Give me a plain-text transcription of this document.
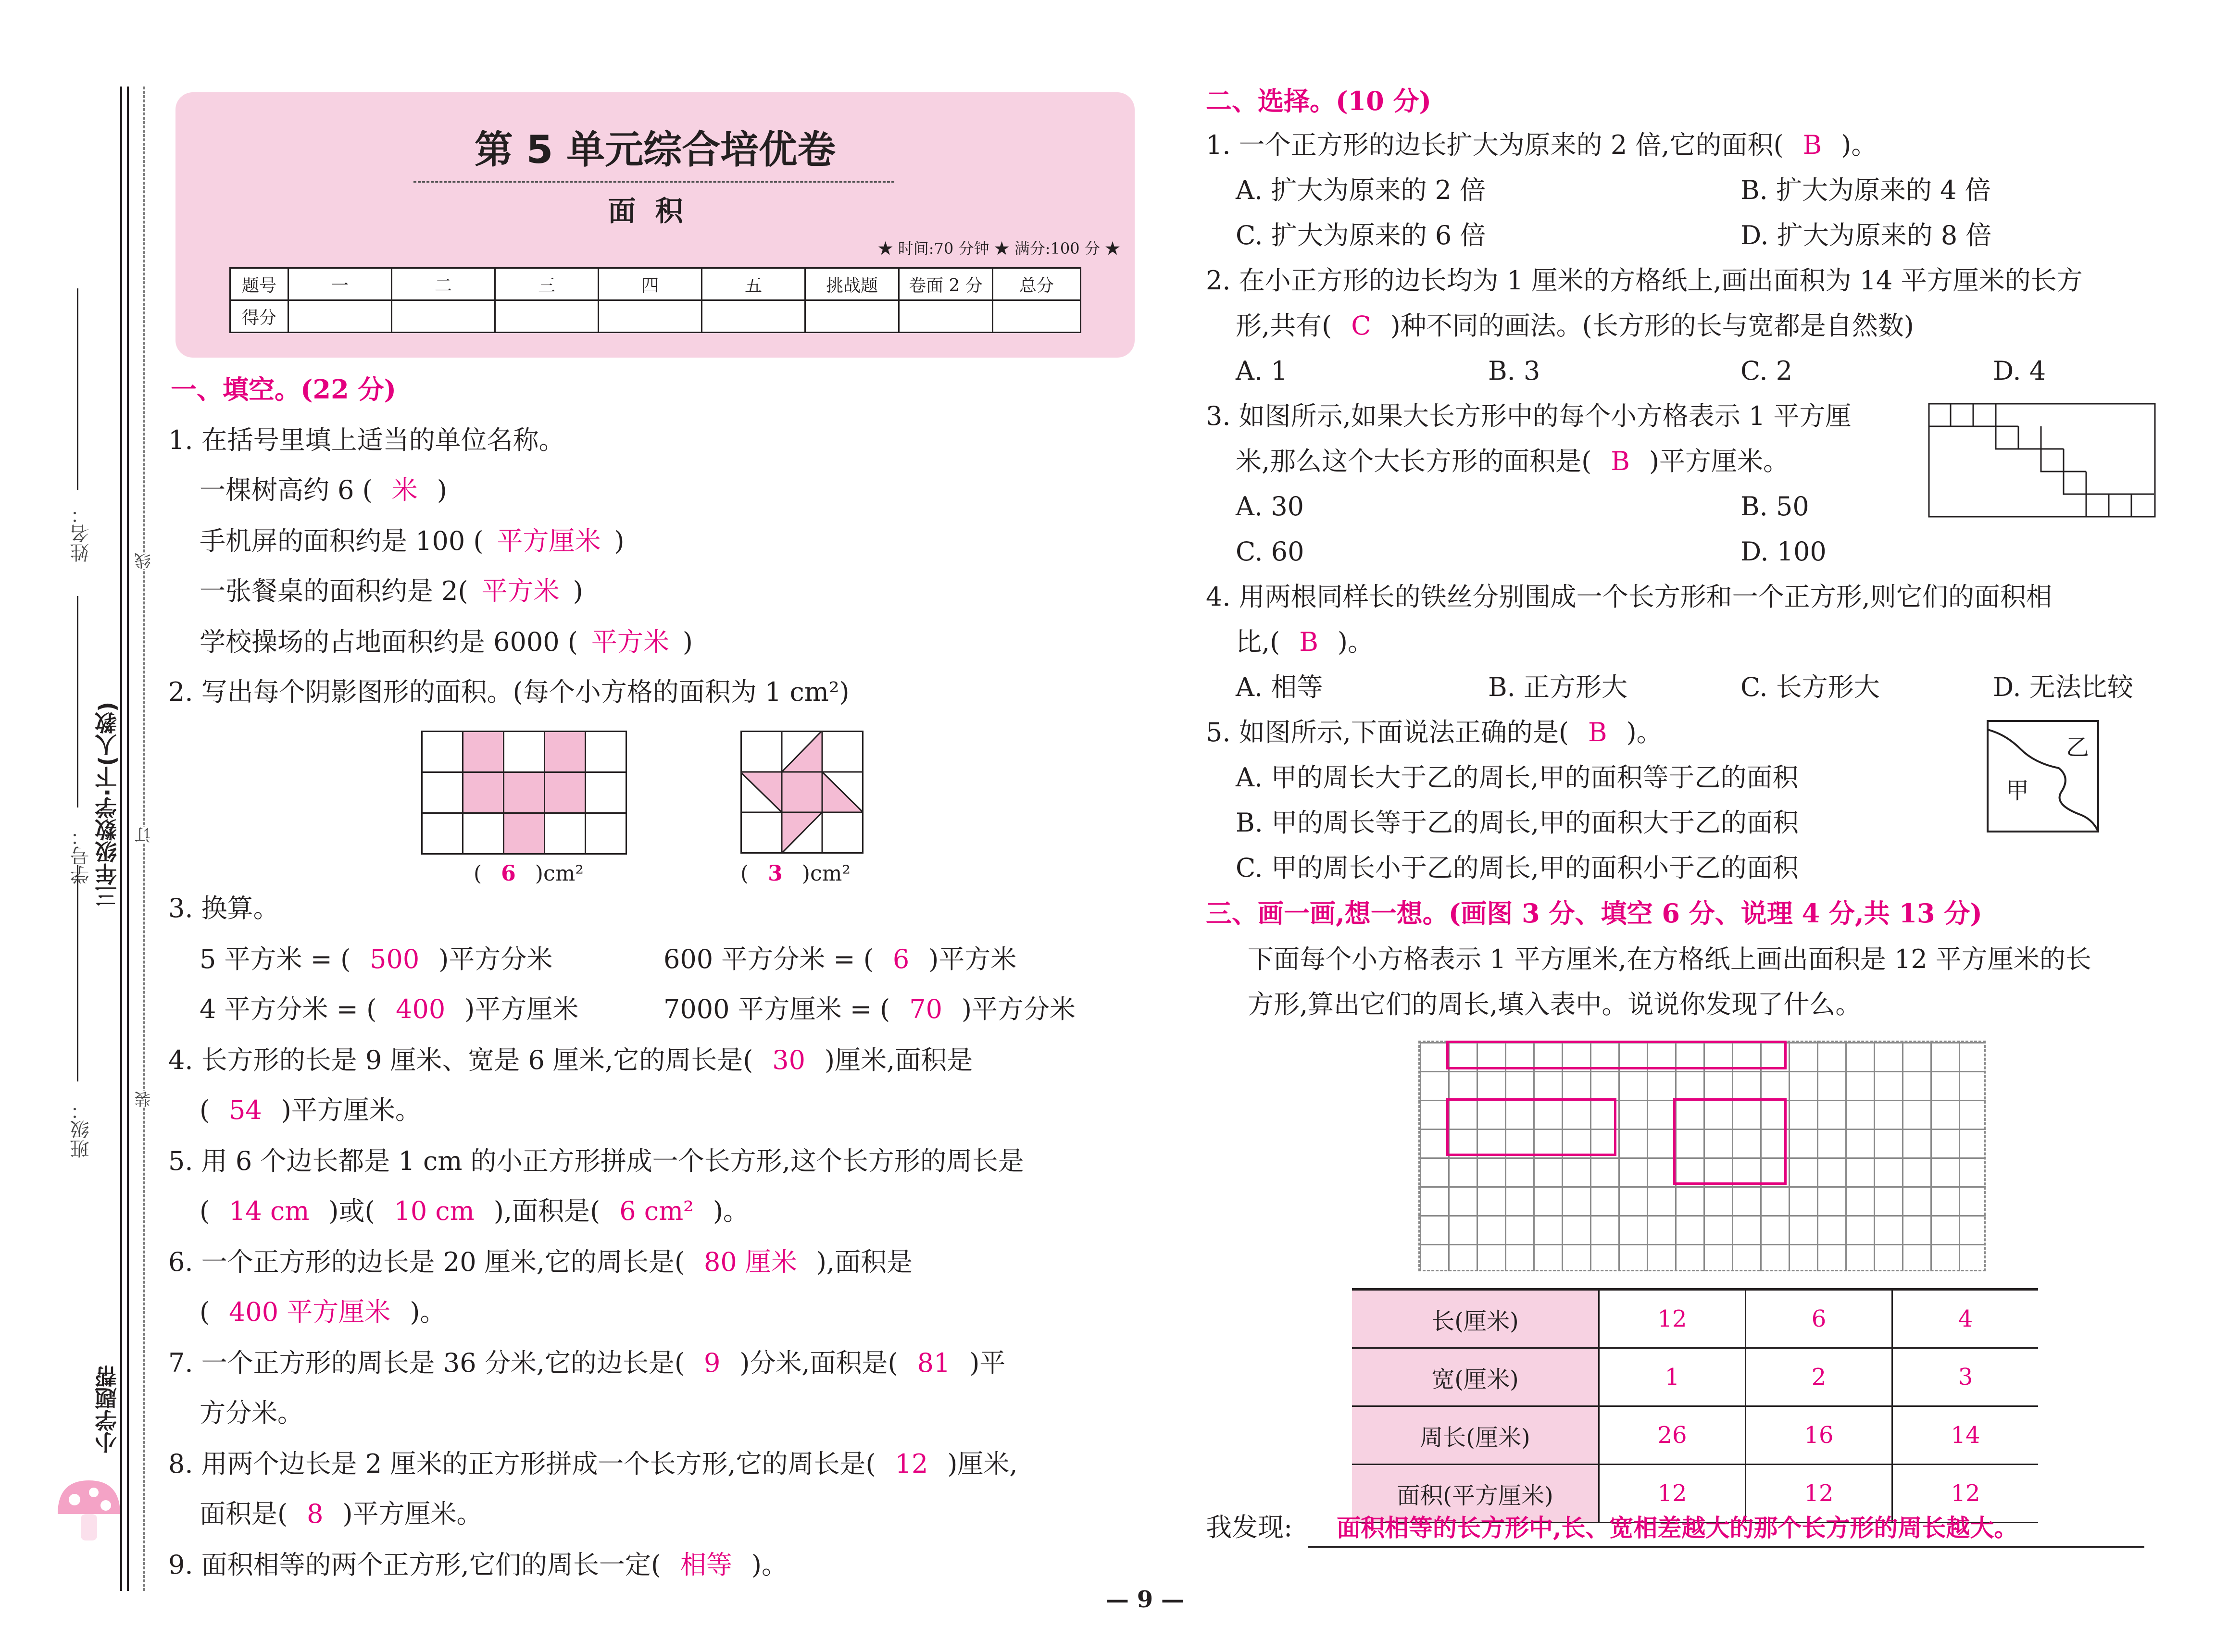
姓名：
学号：
班级：
三年级数学·下(人教)
小学题帮
线
订
装
第 5 单元综合培优卷
面积
★ 时间:70 分钟 ★ 满分:100 分 ★
题号	一	二	三	四	五	挑战题	卷面 2 分	总分
得分								
一、填空。(22 分)
1. 在括号里填上适当的单位名称。
一棵树高约 6 ( 米 )
手机屏的面积约是 100 ( 平方厘米 )
一张餐桌的面积约是 2( 平方米 )
学校操场的占地面积约是 6000 ( 平方米 )
2. 写出每个阴影图形的面积。(每个小方格的面积为 1 cm²)
( 6 )cm²	( 3 )cm²
3. 换算。
5 平方米 = ( 500 )平方分米	600 平方分米 = ( 6 )平方米
4 平方分米 = ( 400 )平方厘米	7000 平方厘米 = ( 70 )平方分米
4. 长方形的长是 9 厘米、宽是 6 厘米,它的周长是( 30 )厘米,面积是
( 54 )平方厘米。
5. 用 6 个边长都是 1 cm 的小正方形拼成一个长方形,这个长方形的周长是
( 14 cm )或( 10 cm ),面积是( 6 cm² )。
6. 一个正方形的边长是 20 厘米,它的周长是( 80 厘米 ),面积是
( 400 平方厘米 )。
7. 一个正方形的周长是 36 分米,它的边长是( 9 )分米,面积是( 81 )平
方分米。
8. 用两个边长是 2 厘米的正方形拼成一个长方形,它的周长是( 12 )厘米,
面积是( 8 )平方厘米。
9. 面积相等的两个正方形,它们的周长一定( 相等 )。
二、选择。(10 分)
1. 一个正方形的边长扩大为原来的 2 倍,它的面积( B )。
A. 扩大为原来的 2 倍	B. 扩大为原来的 4 倍
C. 扩大为原来的 6 倍	D. 扩大为原来的 8 倍
2. 在小正方形的边长均为 1 厘米的方格纸上,画出面积为 14 平方厘米的长方
形,共有( C )种不同的画法。(长方形的长与宽都是自然数)
A. 1	B. 3	C. 2	D. 4
3. 如图所示,如果大长方形中的每个小方格表示 1 平方厘
米,那么这个大长方形的面积是( B )平方厘米。
A. 30	B. 50
C. 60	D. 100
4. 用两根同样长的铁丝分别围成一个长方形和一个正方形,则它们的面积相
比,( B )。
A. 相等	B. 正方形大	C. 长方形大	D. 无法比较
5. 如图所示,下面说法正确的是( B )。
A. 甲的周长大于乙的周长,甲的面积等于乙的面积
B. 甲的周长等于乙的周长,甲的面积大于乙的面积
C. 甲的周长小于乙的周长,甲的面积小于乙的面积
甲
乙
三、画一画,想一想。(画图 3 分、填空 6 分、说理 4 分,共 13 分)
下面每个小方格表示 1 平方厘米,在方格纸上画出面积是 12 平方厘米的长
方形,算出它们的周长,填入表中。说说你发现了什么。
长(厘米)	12	6	4
宽(厘米)	1	2	3
周长(厘米)	26	16	14
面积(平方厘米)	12	12	12
我发现:	面积相等的长方形中,长、宽相差越大的那个长方形的周长越大。
— 9 —
